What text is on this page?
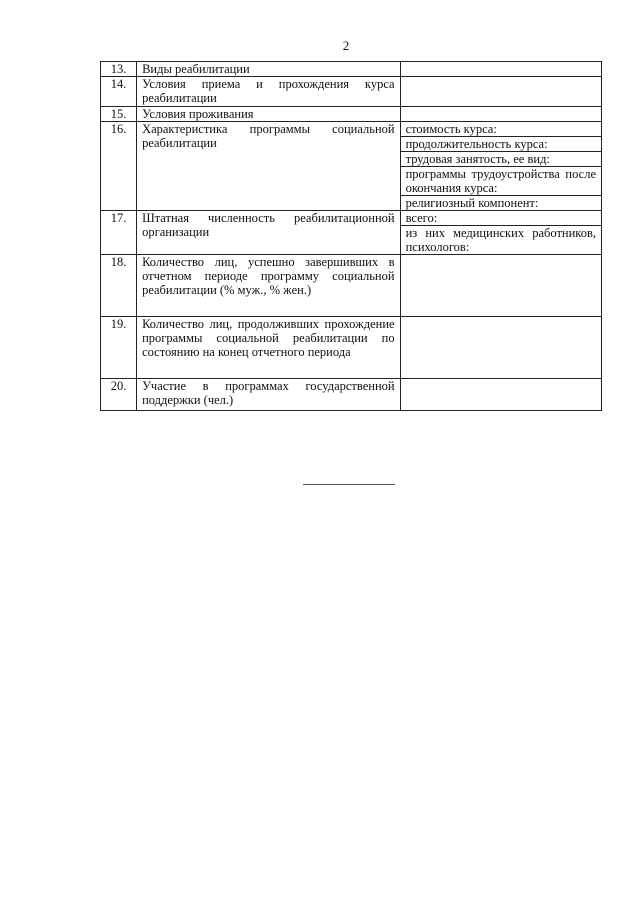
2
13.	Виды реабилитации	
14.	Условия приема и прохождения курса реабилитации	
15.	Условия проживания	
16.	Характеристика программы социальной реабилитации	стоимость курса:
продолжительность курса:
трудовая занятость, ее вид:
программы трудоустройства после окончания курса:
религиозный компонент:

17.	Штатная численность реабилитационной организации	всего:
из них медицинских работников, психологов:

18.	Количество лиц, успешно завершивших в отчетном периоде программу социальной реабилитации (% муж., % жен.)	
19.	Количество лиц, продолживших прохождение программы социальной реабилитации по состоянию на конец отчетного периода	
20.	Участие в программах государственной поддержки (чел.)	
